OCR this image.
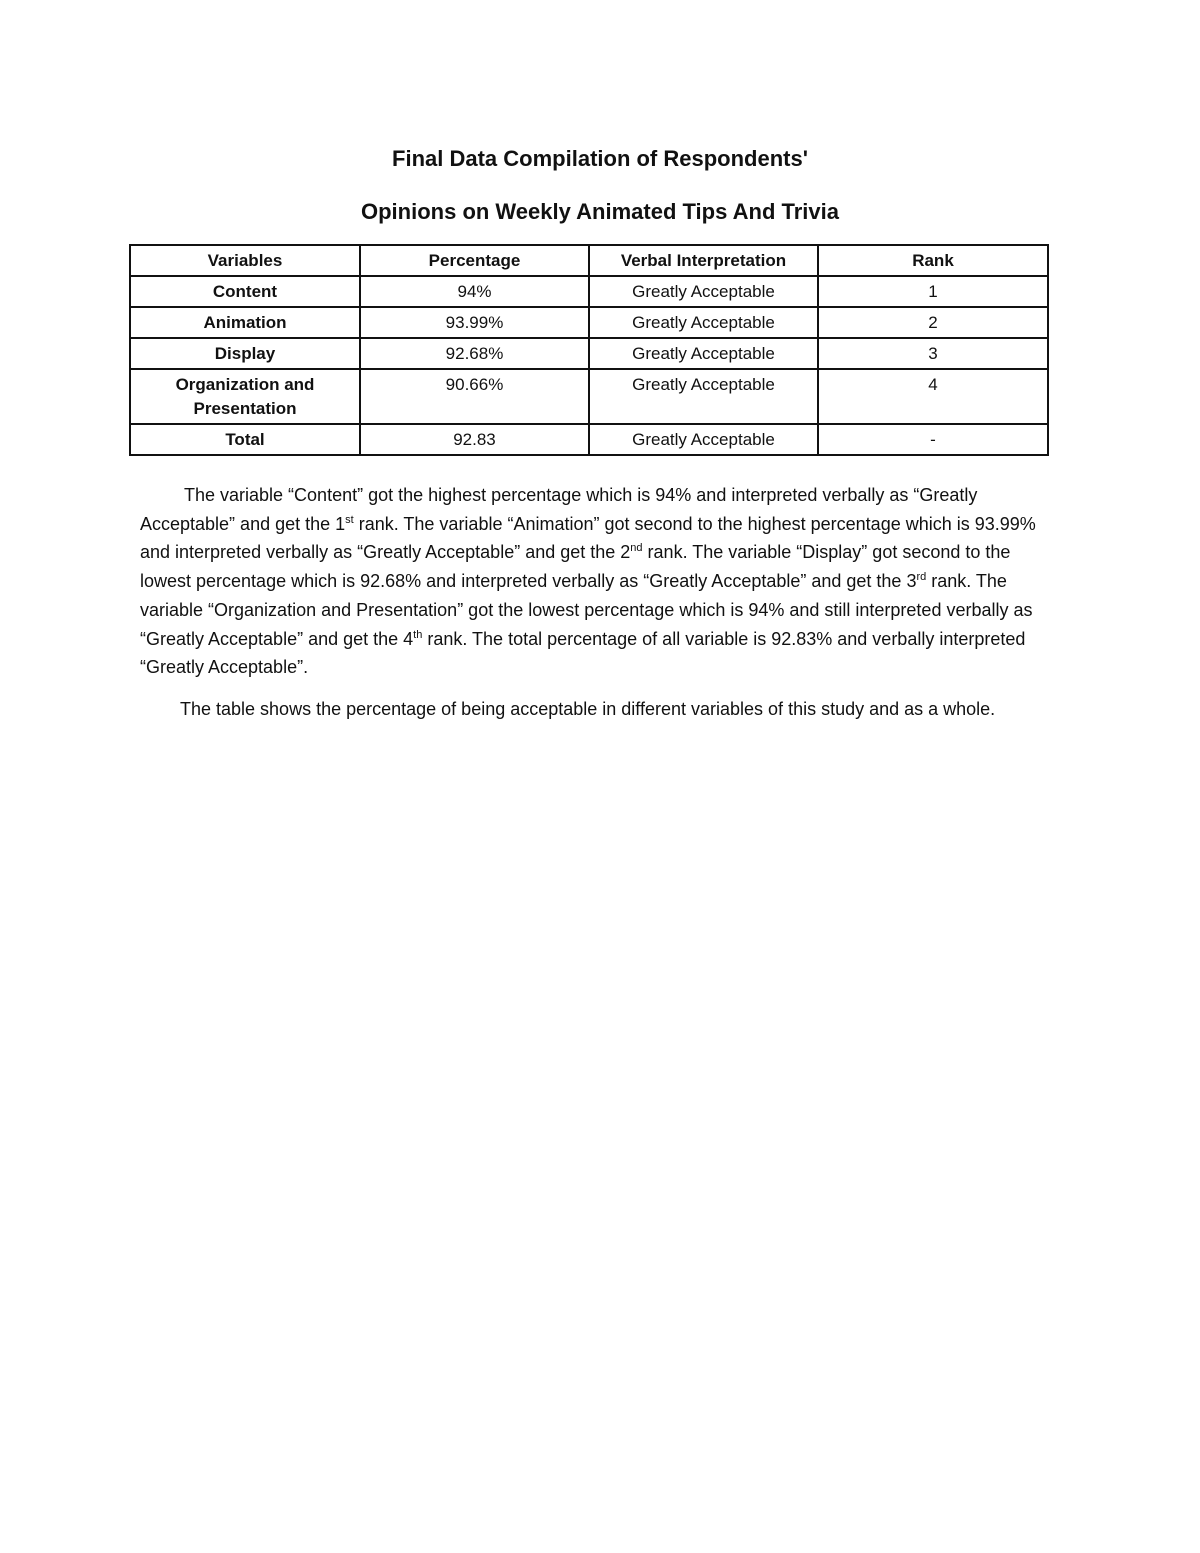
Final Data Compilation of Respondents'
Opinions on Weekly Animated Tips And Trivia
Variables	Percentage	Verbal Interpretation	Rank
Content	94%	Greatly Acceptable	1
Animation	93.99%	Greatly Acceptable	2
Display	92.68%	Greatly Acceptable	3
Organization and Presentation	90.66%	Greatly Acceptable	4
Total	92.83	Greatly Acceptable	-

The variable “Content” got the highest percentage which is 94% and interpreted verbally as “Greatly Acceptable” and get the 1st rank. The variable “Animation” got second to the highest percentage which is 93.99% and interpreted verbally as “Greatly Acceptable” and get the 2nd rank. The variable “Display” got second to the lowest percentage which is 92.68% and interpreted verbally as “Greatly Acceptable” and get the 3rd rank. The variable “Organization and Presentation” got the lowest percentage which is 94% and still interpreted verbally as “Greatly Acceptable” and get the 4th rank. The total percentage of all variable is 92.83% and verbally interpreted “Greatly Acceptable”.

The table shows the percentage of being acceptable in different variables of this study and as a whole.
